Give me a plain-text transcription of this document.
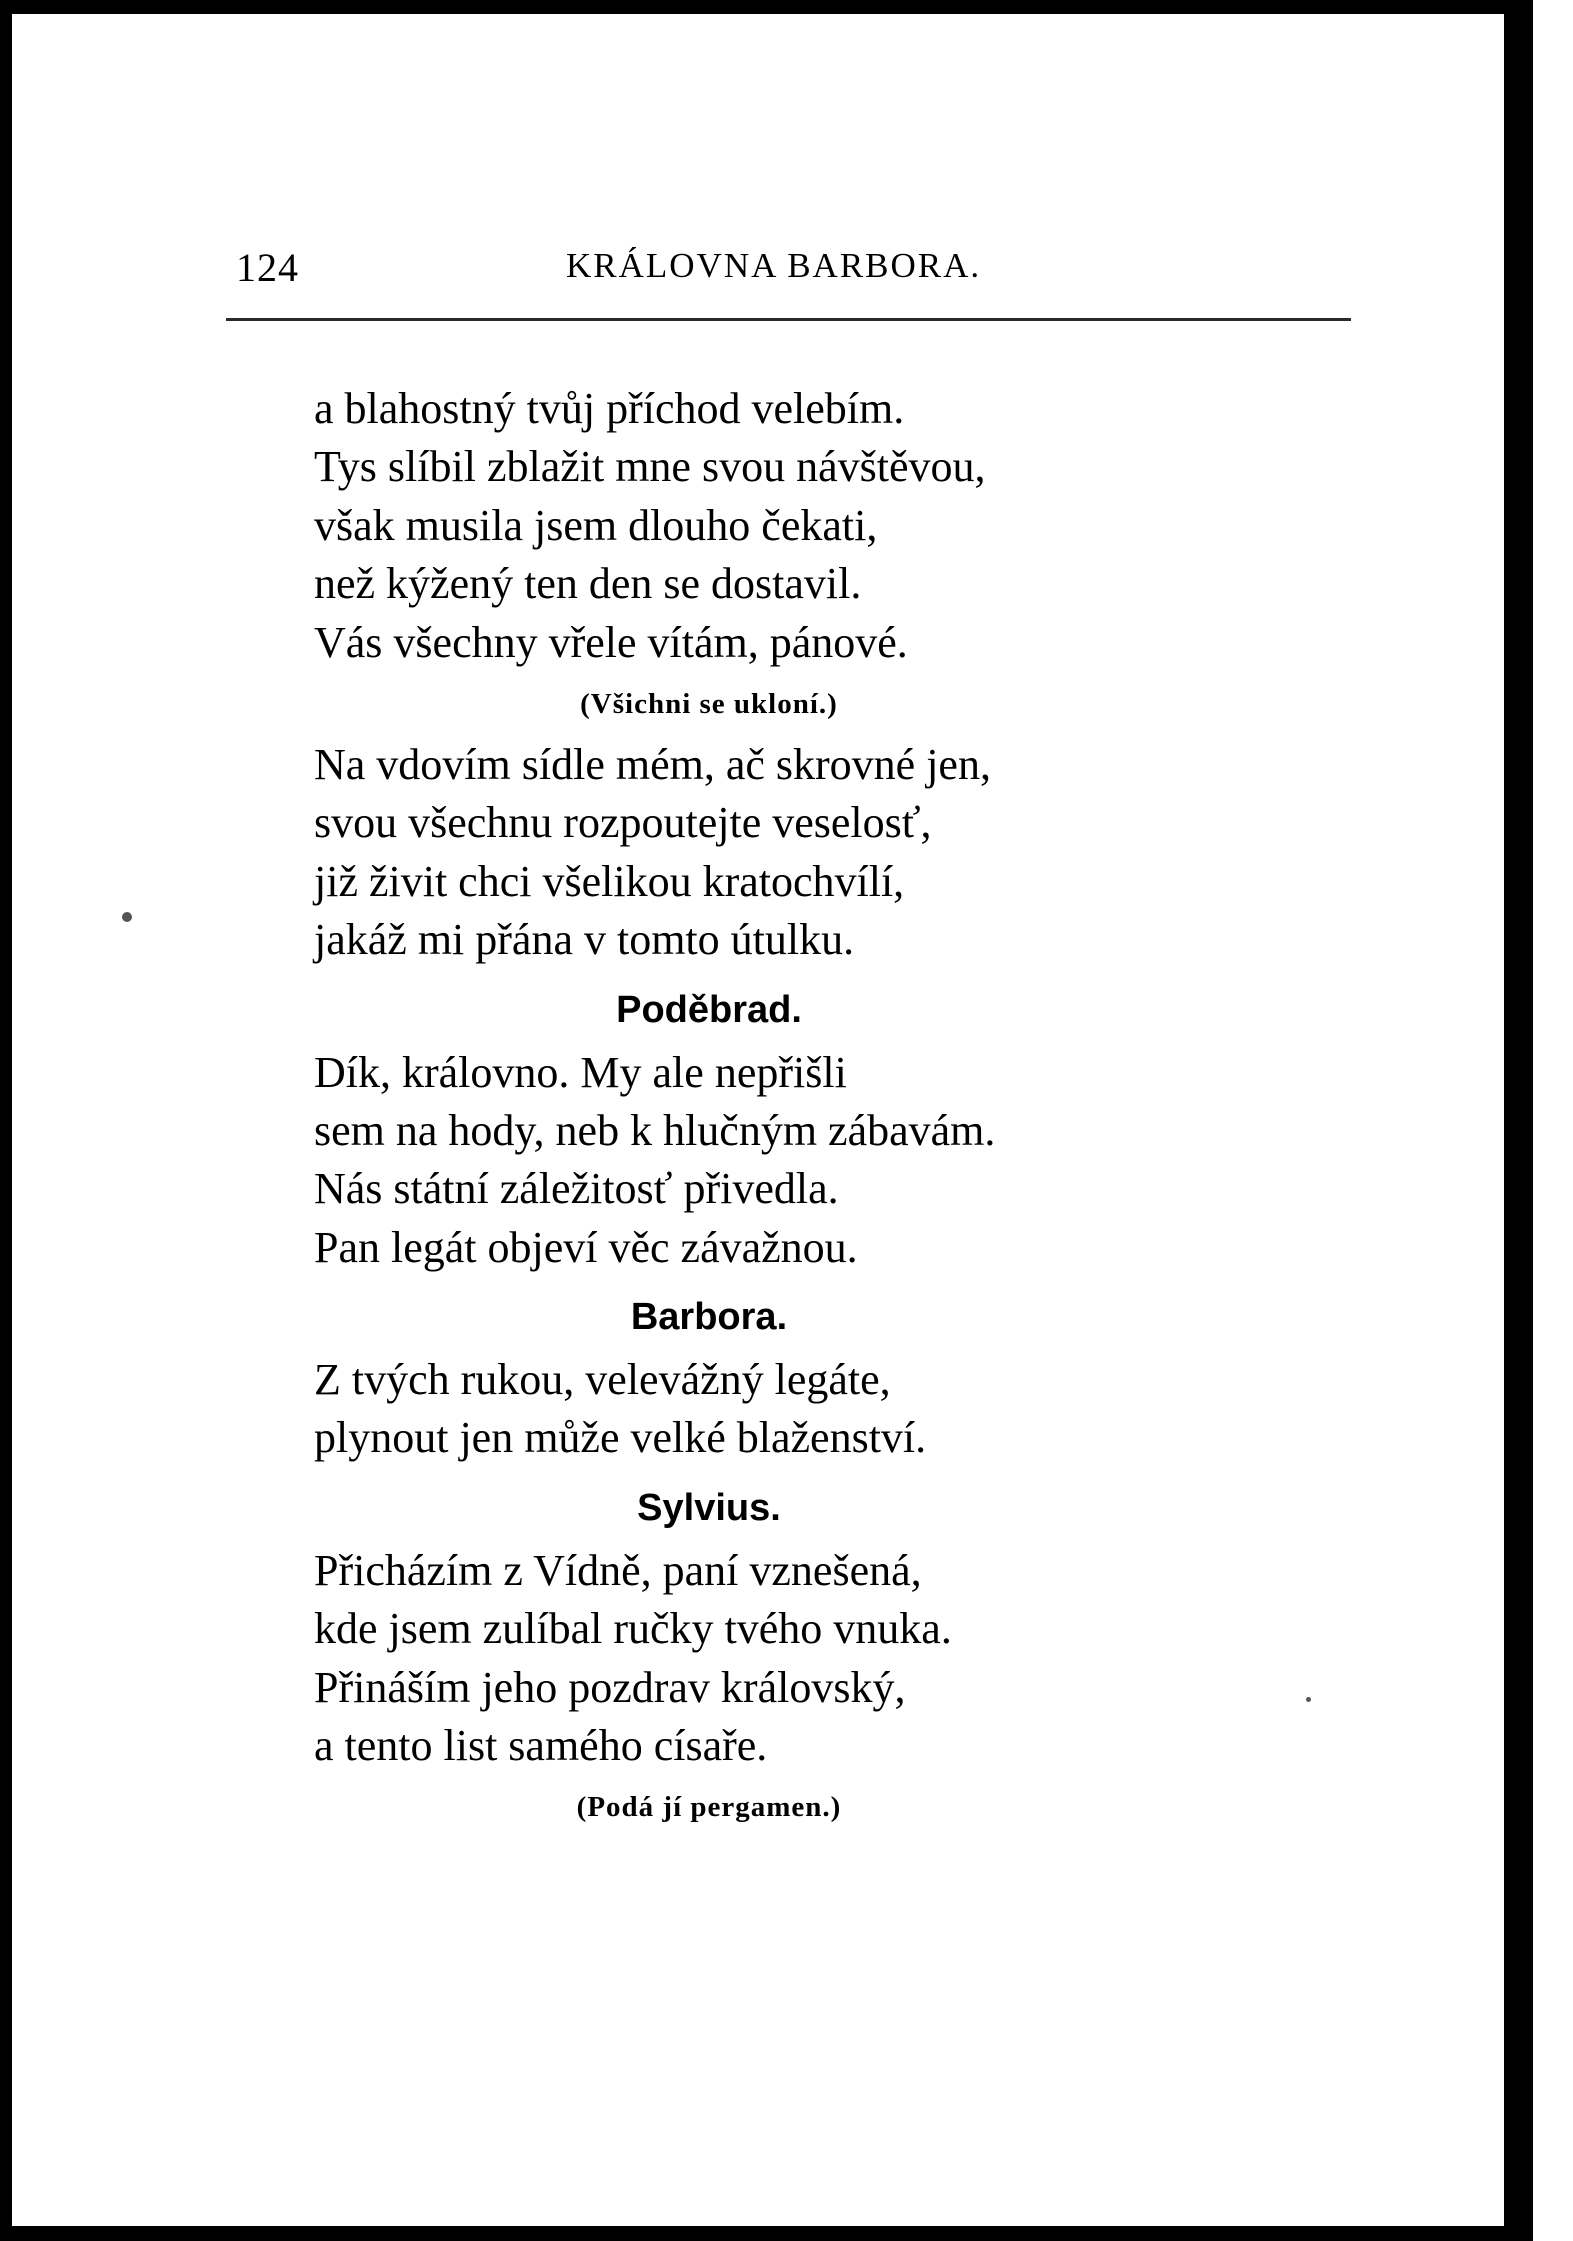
124	KRÁLOVNA BARBORA.
a blahostný tvůj příchod velebím.
Tys slíbil zblažit mne svou návštěvou,
však musila jsem dlouho čekati,
než kýžený ten den se dostavil.
Vás všechny vřele vítám, pánové.
(Všichni se ukloní.)
Na vdovím sídle mém, ač skrovné jen,
svou všechnu rozpoutejte veselosť,
již živit chci všelikou kratochvílí,
jakáž mi přána v tomto útulku.
Poděbrad.
Dík, královno. My ale nepřišli
sem na hody, neb k hlučným zábavám.
Nás státní záležitosť přivedla.
Pan legát objeví věc závažnou.
Barbora.
Z tvých rukou, velevážný legáte,
plynout jen může velké blaženství.
Sylvius.
Přicházím z Vídně, paní vznešená,
kde jsem zulíbal ručky tvého vnuka.
Přináším jeho pozdrav královský,
a tento list samého císaře.
(Podá jí pergamen.)
